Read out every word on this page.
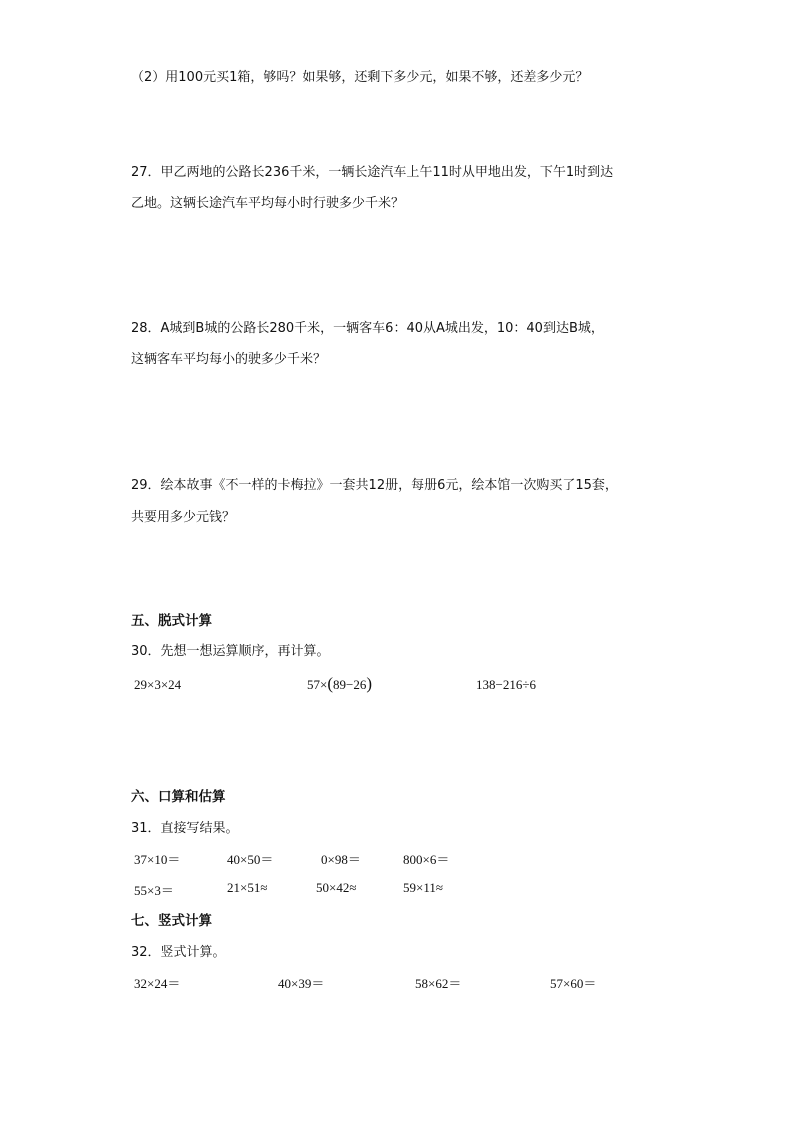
（2）用100元买1箱，够吗？如果够，还剩下多少元，如果不够，还差多少元？
27．甲乙两地的公路长236千米，一辆长途汽车上午11时从甲地出发，下午1时到达
乙地。这辆长途汽车平均每小时行驶多少千米？
28．A城到B城的公路长280千米，一辆客车6：40从A城出发，10：40到达B城，
这辆客车平均每小的驶多少千米？
29．绘本故事《不一样的卡梅拉》一套共12册，每册6元，绘本馆一次购买了15套，
共要用多少元钱？
五、脱式计算
30．先想一想运算顺序，再计算。
29×3×24	57×(89−26)	138−216÷6
六、口算和估算
31．直接写结果。
37×10＝	40×50＝	0×98＝	800×6＝
55×3＝	21×51≈	50×42≈	59×11≈
七、竖式计算
32．竖式计算。
32×24＝	40×39＝	58×62＝	57×60＝
